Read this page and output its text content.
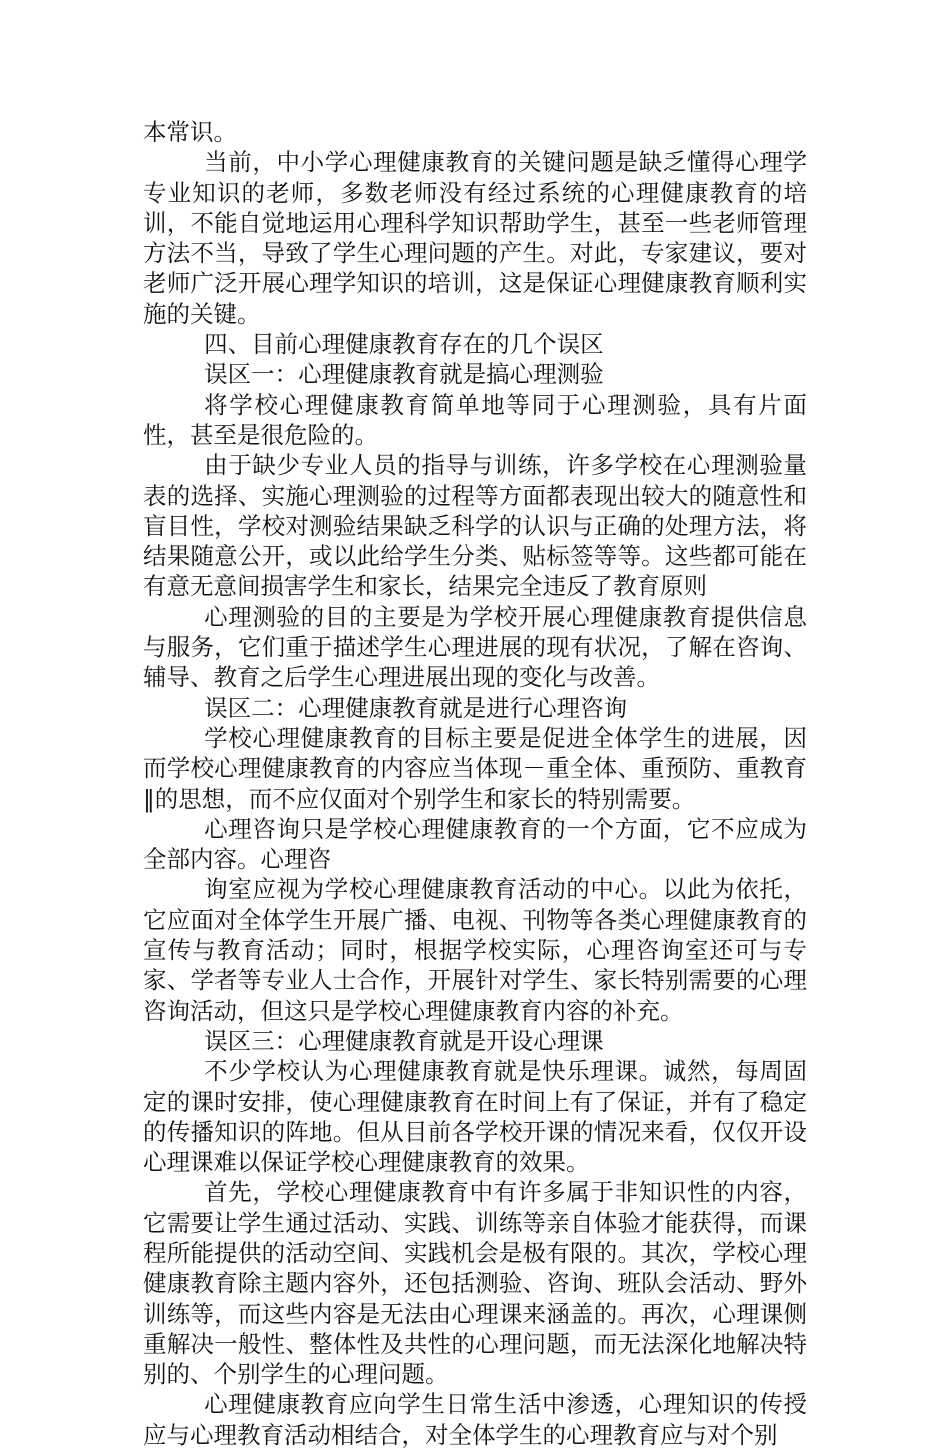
本常识。

当前，中小学心理健康教育的关键问题是缺乏懂得心理学专业知识的老师，多数老师没有经过系统的心理健康教育的培训，不能自觉地运用心理科学知识帮助学生，甚至一些老师管理方法不当，导致了学生心理问题的产生。对此，专家建议，要对老师广泛开展心理学知识的培训，这是保证心理健康教育顺利实施的关键。

四、目前心理健康教育存在的几个误区

误区一：心理健康教育就是搞心理测验

将学校心理健康教育简单地等同于心理测验，具有片面性，甚至是很危险的。

由于缺少专业人员的指导与训练，许多学校在心理测验量表的选择、实施心理测验的过程等方面都表现出较大的随意性和盲目性，学校对测验结果缺乏科学的认识与正确的处理方法，将结果随意公开，或以此给学生分类、贴标签等等。这些都可能在有意无意间损害学生和家长，结果完全违反了教育原则

心理测验的目的主要是为学校开展心理健康教育提供信息与服务，它们重于描述学生心理进展的现有状况，了解在咨询、辅导、教育之后学生心理进展出现的变化与改善。

误区二：心理健康教育就是进行心理咨询

学校心理健康教育的目标主要是促进全体学生的进展，因而学校心理健康教育的内容应当体现－重全体、重预防、重教育‖的思想，而不应仅面对个别学生和家长的特别需要。

心理咨询只是学校心理健康教育的一个方面，它不应成为全部内容。心理咨

询室应视为学校心理健康教育活动的中心。以此为依托，它应面对全体学生开展广播、电视、刊物等各类心理健康教育的宣传与教育活动；同时，根据学校实际，心理咨询室还可与专家、学者等专业人士合作，开展针对学生、家长特别需要的心理咨询活动，但这只是学校心理健康教育内容的补充。

误区三：心理健康教育就是开设心理课

不少学校认为心理健康教育就是快乐理课。诚然，每周固定的课时安排，使心理健康教育在时间上有了保证，并有了稳定的传播知识的阵地。但从目前各学校开课的情况来看，仅仅开设心理课难以保证学校心理健康教育的效果。

首先，学校心理健康教育中有许多属于非知识性的内容，它需要让学生通过活动、实践、训练等亲自体验才能获得，而课程所能提供的活动空间、实践机会是极有限的。其次，学校心理健康教育除主题内容外，还包括测验、咨询、班队会活动、野外训练等，而这些内容是无法由心理课来涵盖的。再次，心理课侧重解决一般性、整体性及共性的心理问题，而无法深化地解决特别的、个别学生的心理问题。

心理健康教育应向学生日常生活中渗透，心理知识的传授应与心理教育活动相结合，对全体学生的心理教育应与对个别
